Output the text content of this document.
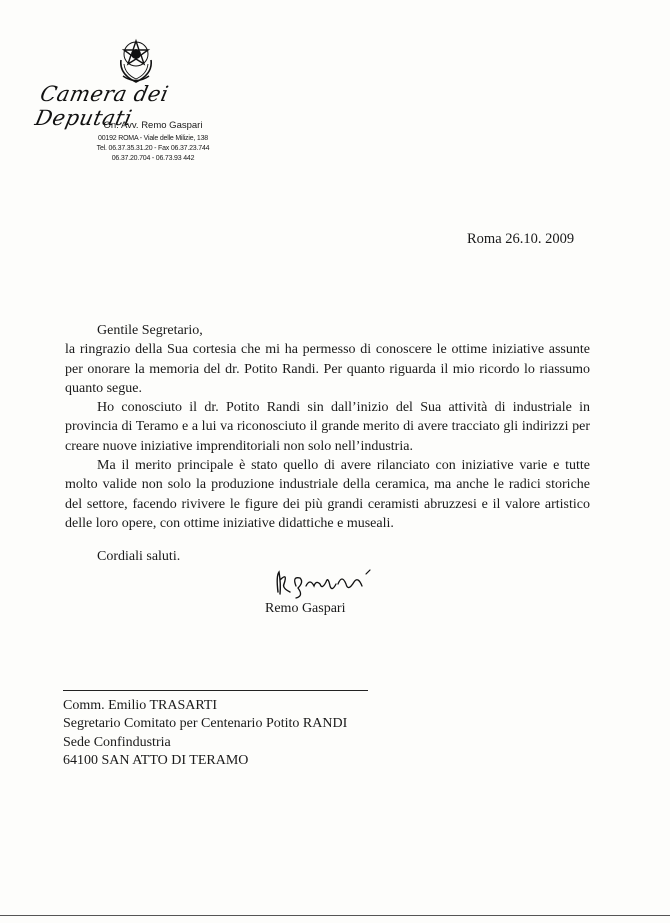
Camera dei Deputati
On. Avv. Remo Gaspari
00192 ROMA - Viale delle Milizie, 138
Tel. 06.37.35.31.20 - Fax 06.37.23.744
06.37.20.704 - 06.73.93 442
Roma 26.10. 2009

Gentile Segretario,

la ringrazio della Sua cortesia che mi ha permesso di conoscere le ottime iniziative assunte per onorare la memoria del dr. Potito Randi. Per quanto riguarda il mio ricordo lo riassumo quanto segue.

Ho conosciuto il dr. Potito Randi sin dall’inizio del Sua attività di industriale in provincia di Teramo e a lui va riconosciuto il grande merito di avere tracciato gli indirizzi per creare nuove iniziative imprenditoriali non solo nell’industria.

Ma il merito principale è stato quello di avere rilanciato con iniziative varie e tutte molto valide non solo la produzione industriale della ceramica, ma anche le radici storiche del settore, facendo rivivere le figure dei più grandi ceramisti abruzzesi e il valore artistico delle loro opere, con ottime iniziative didattiche e museali.

Cordiali saluti.
Remo Gaspari
Comm. Emilio TRASARTI
Segretario Comitato per Centenario Potito RANDI
Sede Confindustria
64100 SAN ATTO DI TERAMO
